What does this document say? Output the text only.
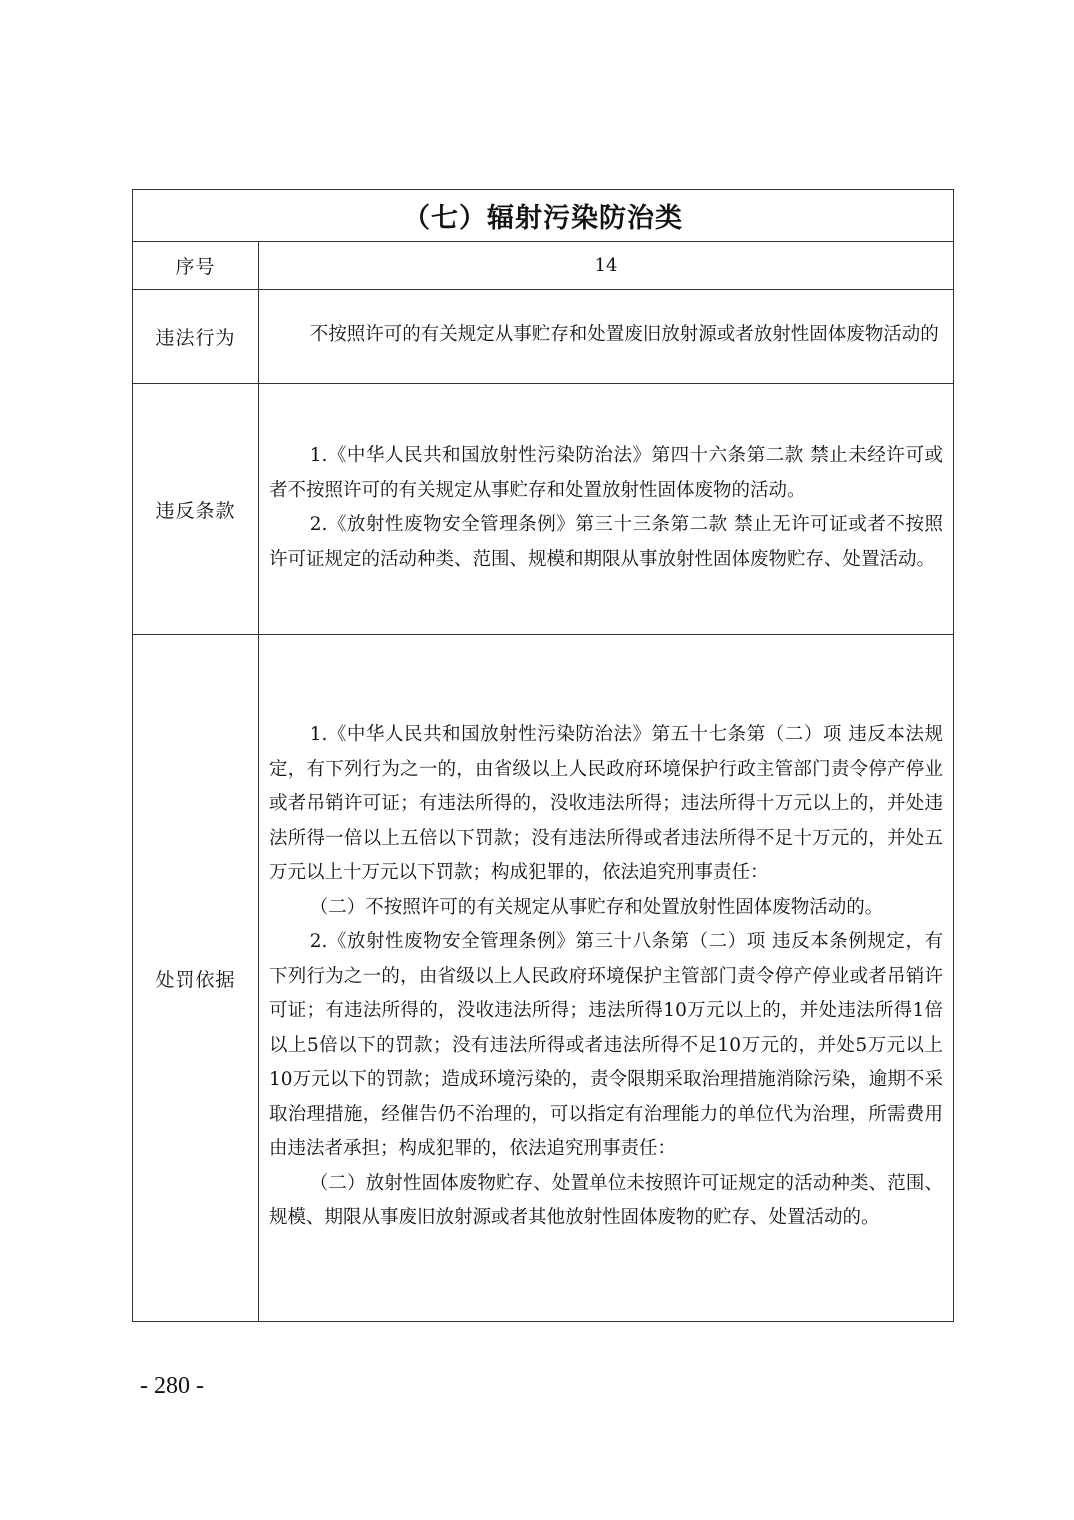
（七）辐射污染防治类	
序号	14
违法行为	不按照许可的有关规定从事贮存和处置废旧放射源或者放射性固体废物活动的

违反条款	1.《中华人民共和国放射性污染防治法》第四十六条第二款 禁止未经许可或者不按照许可的有关规定从事贮存和处置放射性固体废物的活动。

2.《放射性废物安全管理条例》第三十三条第二款 禁止无许可证或者不按照许可证规定的活动种类、范围、规模和期限从事放射性固体废物贮存、处置活动。

处罚依据	1.《中华人民共和国放射性污染防治法》第五十七条第（二）项 违反本法规定，有下列行为之一的，由省级以上人民政府环境保护行政主管部门责令停产停业或者吊销许可证；有违法所得的，没收违法所得；违法所得十万元以上的，并处违法所得一倍以上五倍以下罚款；没有违法所得或者违法所得不足十万元的，并处五万元以上十万元以下罚款；构成犯罪的，依法追究刑事责任：

（二）不按照许可的有关规定从事贮存和处置放射性固体废物活动的。

2.《放射性废物安全管理条例》第三十八条第（二）项 违反本条例规定，有下列行为之一的，由省级以上人民政府环境保护主管部门责令停产停业或者吊销许可证；有违法所得的，没收违法所得；违法所得10万元以上的，并处违法所得1倍以上5倍以下的罚款；没有违法所得或者违法所得不足10万元的，并处5万元以上10万元以下的罚款；造成环境污染的，责令限期采取治理措施消除污染，逾期不采取治理措施，经催告仍不治理的，可以指定有治理能力的单位代为治理，所需费用由违法者承担；构成犯罪的，依法追究刑事责任：

（二）放射性固体废物贮存、处置单位未按照许可证规定的活动种类、范围、规模、期限从事废旧放射源或者其他放射性固体废物的贮存、处置活动的。

- 280 -
